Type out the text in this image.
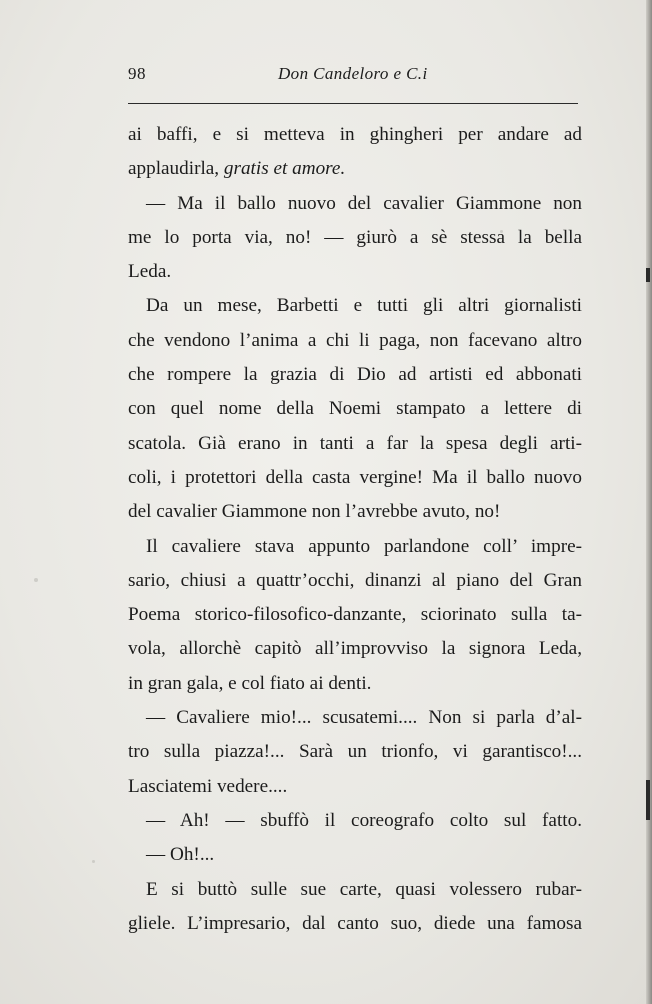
98	Don Candeloro e C.i
ai baffi, e si metteva in ghingheri per andare ad
applaudirla, gratis et amore.
— Ma il ballo nuovo del cavalier Giammone non
me lo porta via, no! — giurò a sè stessa la bella
Leda.
Da un mese, Barbetti e tutti gli altri giornalisti
che vendono l’anima a chi li paga, non facevano altro
che rompere la grazia di Dio ad artisti ed abbonati
con quel nome della Noemi stampato a lettere di
scatola. Già erano in tanti a far la spesa degli arti-
coli, i protettori della casta vergine! Ma il ballo nuovo
del cavalier Giammone non l’avrebbe avuto, no!
Il cavaliere stava appunto parlandone coll’ impre-
sario, chiusi a quattr’occhi, dinanzi al piano del Gran
Poema storico-filosofico-danzante, sciorinato sulla ta-
vola, allorchè capitò all’improvviso la signora Leda,
in gran gala, e col fiato ai denti.
— Cavaliere mio!... scusatemi.... Non si parla d’al-
tro sulla piazza!... Sarà un trionfo, vi garantisco!...
Lasciatemi vedere....
— Ah! — sbuffò il coreografo colto sul fatto.
— Oh!...
E si buttò sulle sue carte, quasi volessero rubar-
gliele. L’impresario, dal canto suo, diede una famosa
